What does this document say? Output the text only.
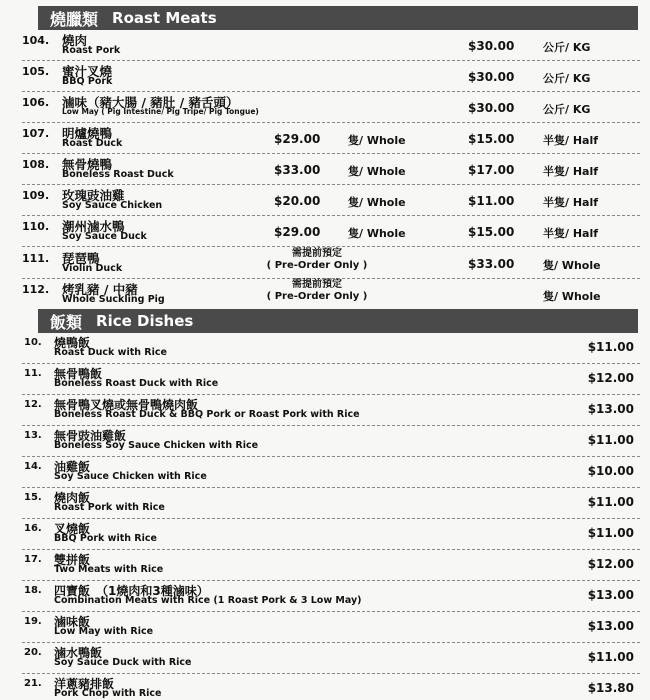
燒臘類 Roast Meats
104. 燒肉
Roast Pork	$30.00	公斤/ KG
105. 蜜汁叉燒
BBQ Pork	$30.00	公斤/ KG
106. 滷味（豬大腸 / 豬肚 / 豬舌頭）
Low May ( Pig Intestine/ Pig Tripe/ Pig Tongue)	$30.00	公斤/ KG
107. 明爐燒鴨
Roast Duck	$29.00	隻/ Whole	$15.00	半隻/ Half
108. 無骨燒鴨
Boneless Roast Duck	$33.00	隻/ Whole	$17.00	半隻/ Half
109. 玫瑰豉油雞
Soy Sauce Chicken	$20.00	隻/ Whole	$11.00	半隻/ Half
110. 潮州滷水鴨
Soy Sauce Duck	$29.00	隻/ Whole	$15.00	半隻/ Half
111. 琵琶鴨
Violin Duck
需提前預定
( Pre-Order Only )	$33.00	隻/ Whole
112. 烤乳豬 / 中豬
Whole Suckling Pig
需提前預定
( Pre-Order Only )	隻/ Whole
飯類 Rice Dishes
10. 燒鴨飯
Roast Duck with Rice	$11.00
11. 無骨鴨飯
Boneless Roast Duck with Rice	$12.00
12. 無骨鴨叉燒或無骨鴨燒肉飯
Boneless Roast Duck & BBQ Pork or Roast Pork with Rice	$13.00
13. 無骨豉油雞飯
Boneless Soy Sauce Chicken with Rice	$11.00
14. 油雞飯
Soy Sauce Chicken with Rice	$10.00
15. 燒肉飯
Roast Pork with Rice	$11.00
16. 叉燒飯
BBQ Pork with Rice	$11.00
17. 雙拼飯
Two Meats with Rice	$12.00
18. 四寶飯　（1燒肉和3種滷味）
Combination Meats with Rice (1 Roast Pork & 3 Low May)	$13.00
19. 滷味飯
Low May with Rice	$13.00
20. 滷水鴨飯
Soy Sauce Duck with Rice	$11.00
21. 洋蔥豬排飯
Pork Chop with Rice	$13.80
